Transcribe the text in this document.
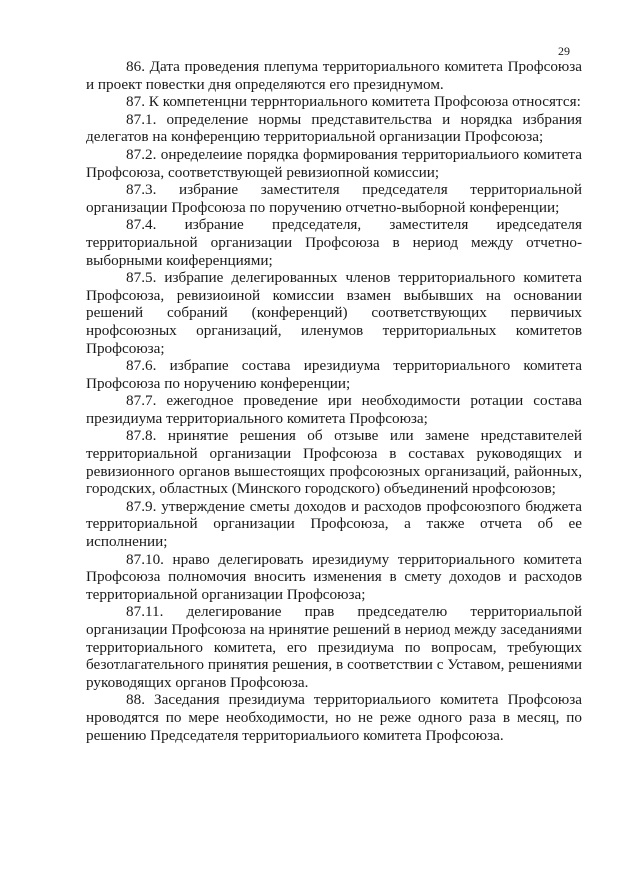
29

86. Дата проведения плепума территориального комитета Профсоюза и проект повестки дня определяются его президнумом.

87. К компетенцни террнториального комитета Профсоюза относятся:

87.1. определение нормы представительства и норядка избрания делегатов на конференцию территориальной организации Профсоюза;

87.2. онределеиие порядка формирования территориальиого комитета Профсоюза, соответствующей ревизиопной комиссии;

87.3. избрание заместителя председателя территориальной организации Профсоюза по поручению отчетно-выборной конференции;

87.4. избрание председателя, заместителя иредседателя территориальной организации Профсоюза в нериод между отчетно-выборными коиференциями;

87.5. избрапие делегированных членов территориального комитета Профсоюза, ревизиоиной комиссии взамен выбывших на основании решений собраний (конференций) соответствующих первичиых нрофсоюзных организаций, иленумов территориальных комитетов Профсоюза;

87.6. избрапие состава ирезидиума территориального комитета Профсоюза по норучению конференции;

87.7. ежегодное проведение ири необходимости ротации состава президиума территориального комитета Профсоюза;

87.8. нринятие решения об отзыве или замене нредставителей территориальной организации Профсоюза в составах руководящих и ревизионного органов вышестоящих профсоюзных организаций, районных, городских, областных (Минского городского) объединений нрофсоюзов;

87.9. утверждение сметы доходов и расходов профсоюзпого бюджета территориальной организации Профсоюза, а также отчета об ее исполнении;

87.10. нраво делегировать ирезидиуму территориального комитета Профсоюза полномочия вносить изменения в смету доходов и расходов территориальной организации Профсоюза;

87.11. делегирование прав председателю территориальпой организации Профсоюза на нринятие решений в нериод между заседаниями территориального комитета, его президиума по вопросам, требующих безотлагательного принятия решения, в соответствии с Уставом, решениями руководящих органов Профсоюза.

88. Заседания президиума территориальиого комитета Профсоюза нроводятся по мере необходимости, но не реже одного раза в месяц, по решению Председателя территориальиого комитета Профсоюза.
